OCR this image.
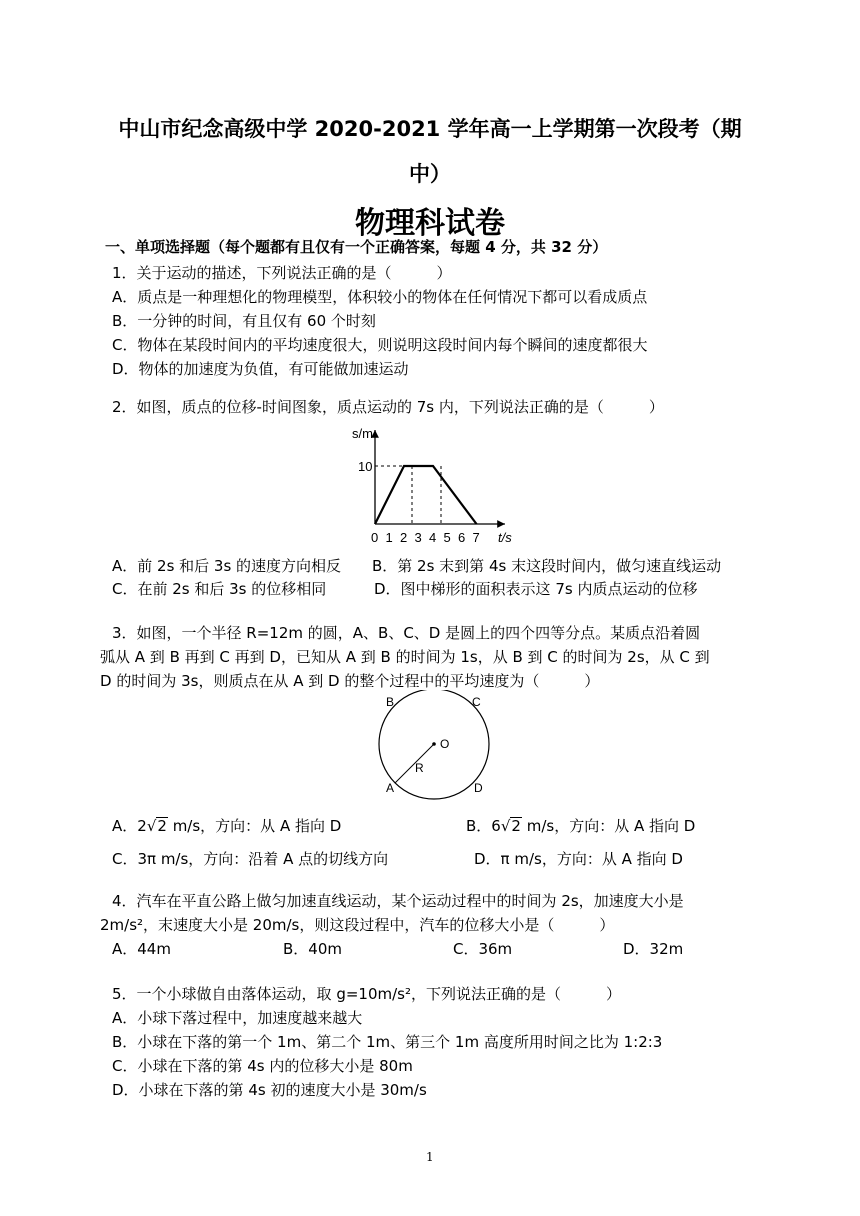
中山市纪念高级中学 2020-2021 学年高一上学期第一次段考（期
中）
物理科试卷
一、单项选择题（每个题都有且仅有一个正确答案，每题 4 分，共 32 分）
1．关于运动的描述，下列说法正确的是（　　　）
A．质点是一种理想化的物理模型，体积较小的物体在任何情况下都可以看成质点
B．一分钟的时间，有且仅有 60 个时刻
C．物体在某段时间内的平均速度很大，则说明这段时间内每个瞬间的速度都很大
D．物体的加速度为负值，有可能做加速运动
2．如图，质点的位移-时间图象，质点运动的 7s 内，下列说法正确的是（　　　）
s/m
10
t/s
0 1 2 3 4 5 6 7
A．前 2s 和后 3s 的速度方向相反 B．第 2s 末到第 4s 末这段时间内，做匀速直线运动
C．在前 2s 和后 3s 的位移相同	D．图中梯形的面积表示这 7s 内质点运动的位移
3．如图，一个半径 R=12m 的圆，A、B、C、D 是圆上的四个四等分点。某质点沿着圆
弧从 A 到 B 再到 C 再到 D，已知从 A 到 B 的时间为 1s，从 B 到 C 的时间为 2s，从 C 到
D 的时间为 3s，则质点在从 A 到 D 的整个过程中的平均速度为（　　　）
B	C
O
R
A	D
A．2√2 m/s，方向：从 A 指向 D	B．6√2 m/s，方向：从 A 指向 D
C．3π m/s，方向：沿着 A 点的切线方向	D．π m/s，方向：从 A 指向 D
4．汽车在平直公路上做匀加速直线运动，某个运动过程中的时间为 2s，加速度大小是
2m/s²，末速度大小是 20m/s，则这段过程中，汽车的位移大小是（　　　）
A．44m	B．40m	C．36m	D．32m
5．一个小球做自由落体运动，取 g=10m/s²，下列说法正确的是（　　　）
A．小球下落过程中，加速度越来越大
B．小球在下落的第一个 1m、第二个 1m、第三个 1m 高度所用时间之比为 1:2:3
C．小球在下落的第 4s 内的位移大小是 80m
D．小球在下落的第 4s 初的速度大小是 30m/s
1
